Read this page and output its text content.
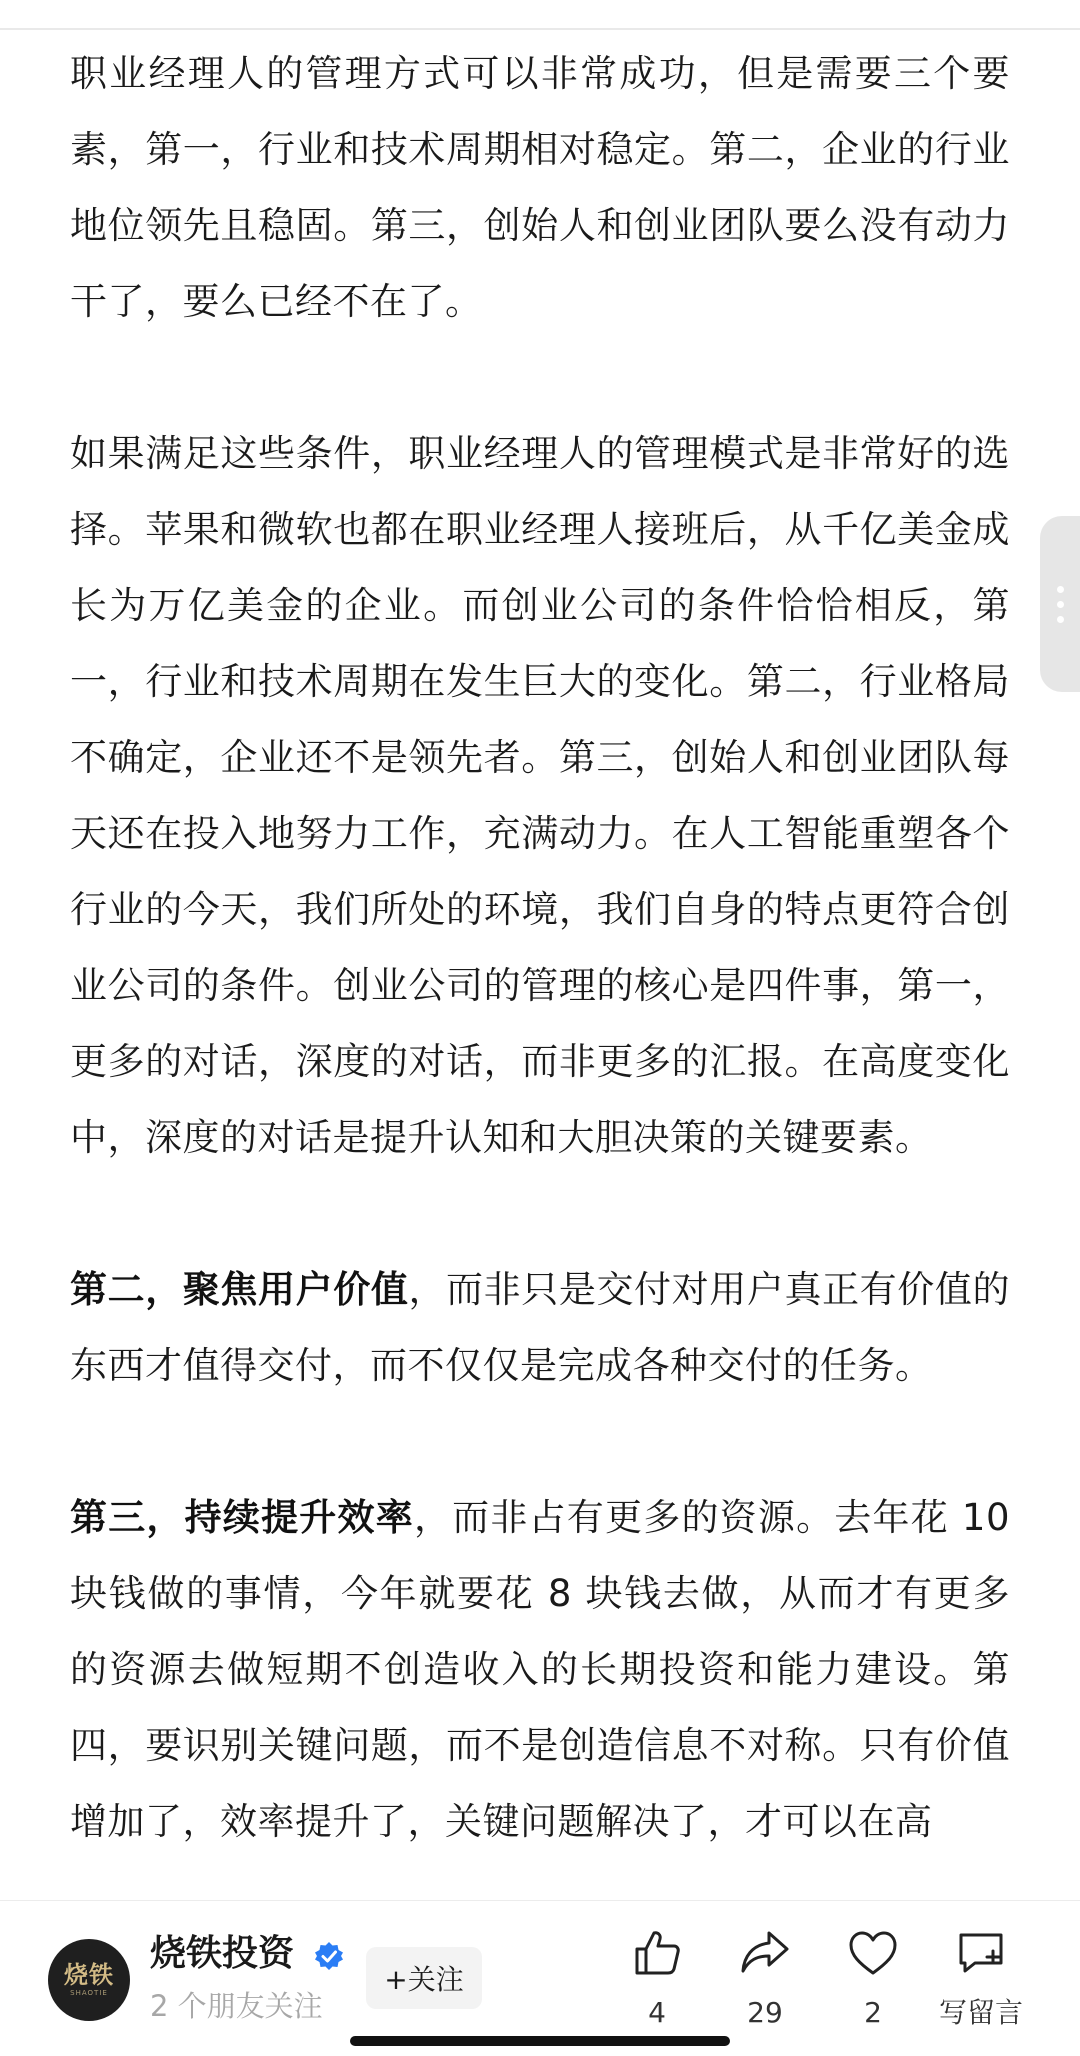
职业经理人的管理方式可以非常成功，但是需要三个要素，第一，行业和技术周期相对稳定。第二，企业的行业地位领先且稳固。第三，创始人和创业团队要么没有动力干了，要么已经不在了。

如果满足这些条件，职业经理人的管理模式是非常好的选择。苹果和微软也都在职业经理人接班后，从千亿美金成长为万亿美金的企业。而创业公司的条件恰恰相反，第一，行业和技术周期在发生巨大的变化。第二，行业格局不确定，企业还不是领先者。第三，创始人和创业团队每天还在投入地努力工作，充满动力。在人工智能重塑各个行业的今天，我们所处的环境，我们自身的特点更符合创业公司的条件。创业公司的管理的核心是四件事，第一，更多的对话，深度的对话，而非更多的汇报。在高度变化中，深度的对话是提升认知和大胆决策的关键要素。

第二，聚焦用户价值，而非只是交付对用户真正有价值的东西才值得交付，而不仅仅是完成各种交付的任务。

第三，持续提升效率，而非占有更多的资源。去年花 10 块钱做的事情，今年就要花 8 块钱去做，从而才有更多的资源去做短期不创造收入的长期投资和能力建设。第四，要识别关键问题，而不是创造信息不对称。只有价值增加了，效率提升了，关键问题解决了，才可以在高

烧铁
SHAOTIE
烧铁投资
2 个朋友关注
+关注
4	29	2 写留言
